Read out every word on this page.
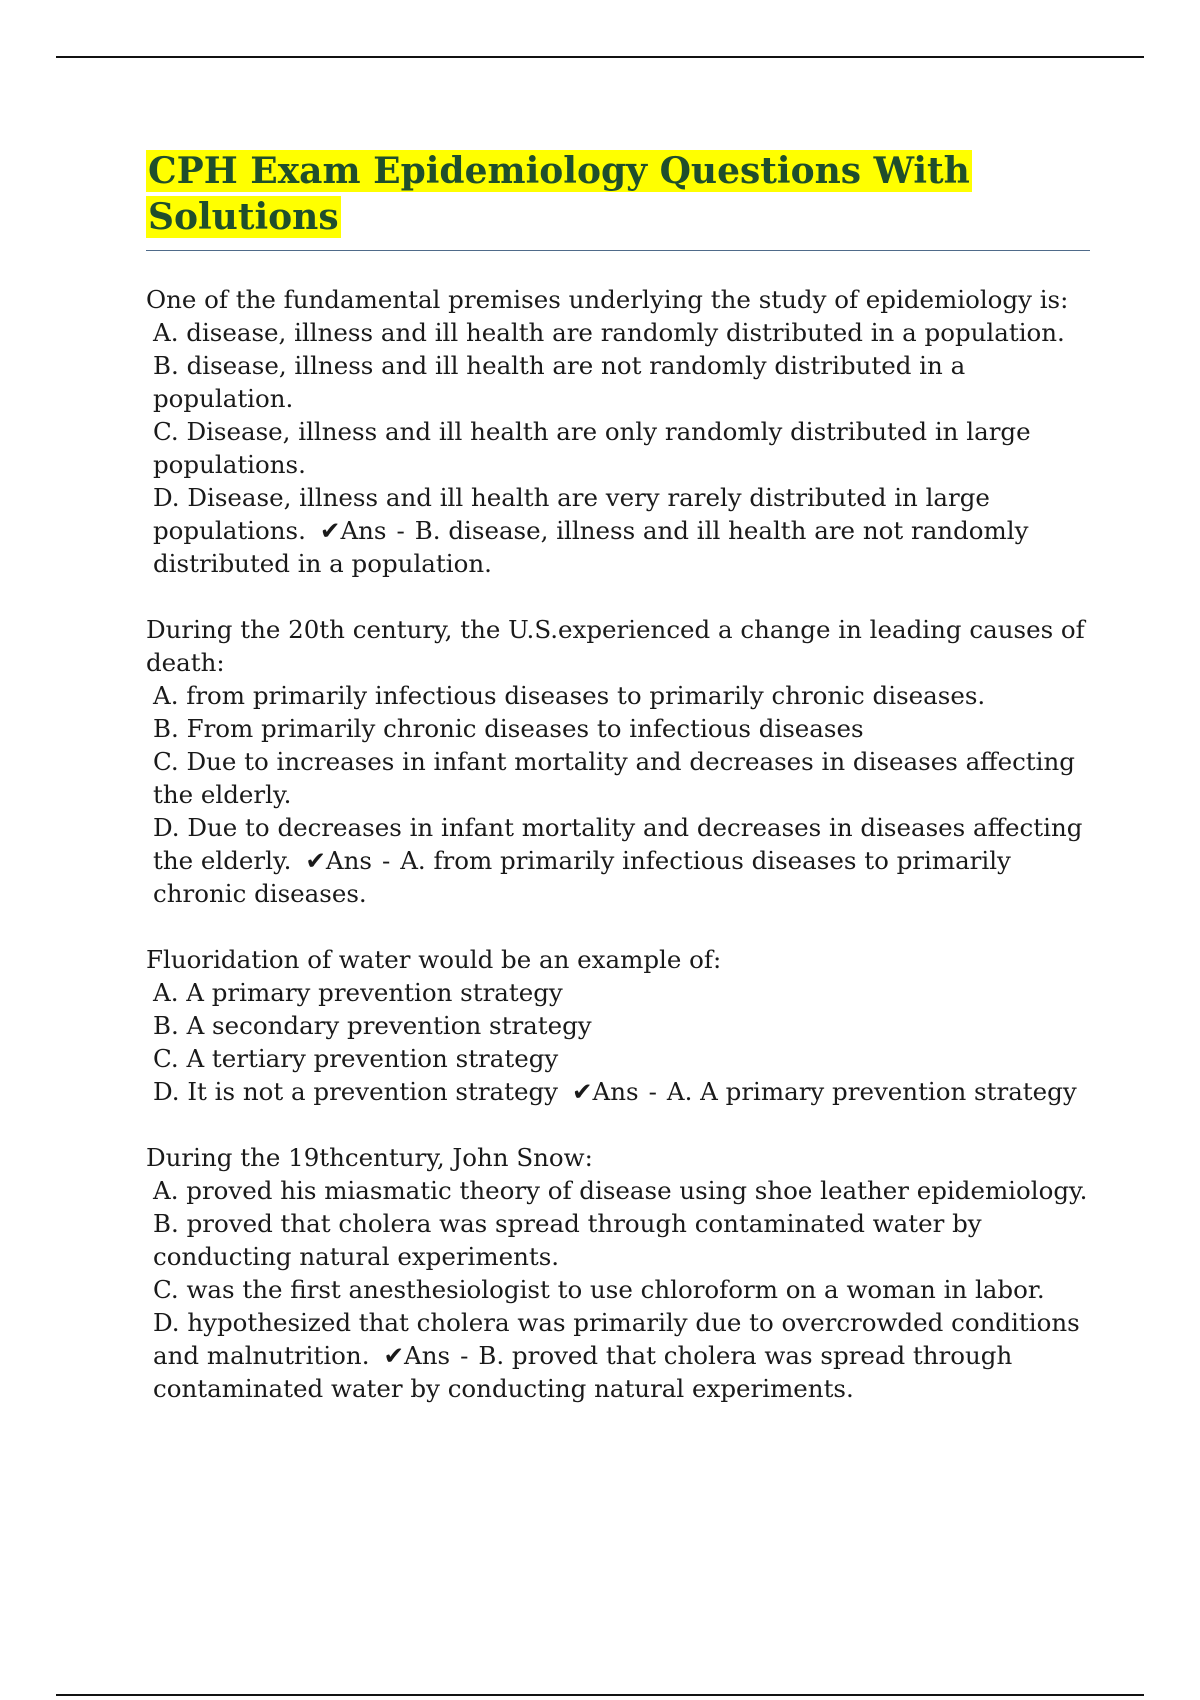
CPH Exam Epidemiology Questions With
Solutions

One of the fundamental premises underlying the study of epidemiology is:

A. disease, illness and ill health are randomly distributed in a population.

B. disease, illness and ill health are not randomly distributed in a population.

C. Disease, illness and ill health are only randomly distributed in large populations.

D. Disease, illness and ill health are very rarely distributed in large populations. ✔Ans - B. disease, illness and ill health are not randomly distributed in a population.

During the 20th century, the U.S.experienced a change in leading causes of death:

A. from primarily infectious diseases to primarily chronic diseases.

B. From primarily chronic diseases to infectious diseases

C. Due to increases in infant mortality and decreases in diseases affecting the elderly.

D. Due to decreases in infant mortality and decreases in diseases affecting the elderly. ✔Ans - A. from primarily infectious diseases to primarily chronic diseases.

Fluoridation of water would be an example of:

A. A primary prevention strategy

B. A secondary prevention strategy

C. A tertiary prevention strategy

D. It is not a prevention strategy ✔Ans - A. A primary prevention strategy

During the 19thcentury, John Snow:

A. proved his miasmatic theory of disease using shoe leather epidemiology.

B. proved that cholera was spread through contaminated water by conducting natural experiments.

C. was the first anesthesiologist to use chloroform on a woman in labor.

D. hypothesized that cholera was primarily due to overcrowded conditions and malnutrition. ✔Ans - B. proved that cholera was spread through contaminated water by conducting natural experiments.
